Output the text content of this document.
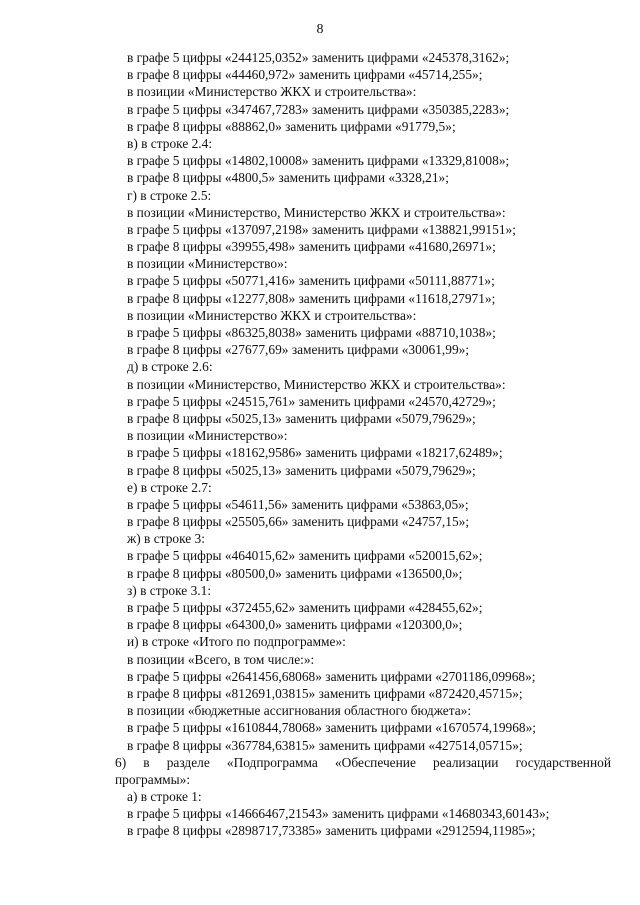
8
в графе 5 цифры «244125,0352» заменить цифрами «245378,3162»;
в графе 8 цифры «44460,972» заменить цифрами «45714,255»;
в позиции «Министерство ЖКХ и строительства»:
в графе 5 цифры «347467,7283» заменить цифрами «350385,2283»;
в графе 8 цифры «88862,0» заменить цифрами «91779,5»;
в) в строке 2.4:
в графе 5 цифры «14802,10008» заменить цифрами «13329,81008»;
в графе 8 цифры «4800,5» заменить цифрами «3328,21»;
г) в строке 2.5:
в позиции «Министерство, Министерство ЖКХ и строительства»:
в графе 5 цифры «137097,2198» заменить цифрами «138821,99151»;
в графе 8 цифры «39955,498» заменить цифрами «41680,26971»;
в позиции «Министерство»:
в графе 5 цифры «50771,416» заменить цифрами «50111,88771»;
в графе 8 цифры «12277,808» заменить цифрами «11618,27971»;
в позиции «Министерство ЖКХ и строительства»:
в графе 5 цифры «86325,8038» заменить цифрами «88710,1038»;
в графе 8 цифры «27677,69» заменить цифрами «30061,99»;
д) в строке 2.6:
в позиции «Министерство, Министерство ЖКХ и строительства»:
в графе 5 цифры «24515,761» заменить цифрами «24570,42729»;
в графе 8 цифры «5025,13» заменить цифрами «5079,79629»;
в позиции «Министерство»:
в графе 5 цифры «18162,9586» заменить цифрами «18217,62489»;
в графе 8 цифры «5025,13» заменить цифрами «5079,79629»;
е) в строке 2.7:
в графе 5 цифры «54611,56» заменить цифрами «53863,05»;
в графе 8 цифры «25505,66» заменить цифрами «24757,15»;
ж) в строке 3:
в графе 5 цифры «464015,62» заменить цифрами «520015,62»;
в графе 8 цифры «80500,0» заменить цифрами «136500,0»;
з) в строке 3.1:
в графе 5 цифры «372455,62» заменить цифрами «428455,62»;
в графе 8 цифры «64300,0» заменить цифрами «120300,0»;
и) в строке «Итого по подпрограмме»:
в позиции «Всего, в том числе:»:
в графе 5 цифры «2641456,68068» заменить цифрами «2701186,09968»;
в графе 8 цифры «812691,03815» заменить цифрами «872420,45715»;
в позиции «бюджетные ассигнования областного бюджета»:
в графе 5 цифры «1610844,78068» заменить цифрами «1670574,19968»;
в графе 8 цифры «367784,63815» заменить цифрами «427514,05715»;
6) в разделе «Подпрограмма «Обеспечение реализации государственной
программы»:
а) в строке 1:
в графе 5 цифры «14666467,21543» заменить цифрами «14680343,60143»;
в графе 8 цифры «2898717,73385» заменить цифрами «2912594,11985»;
